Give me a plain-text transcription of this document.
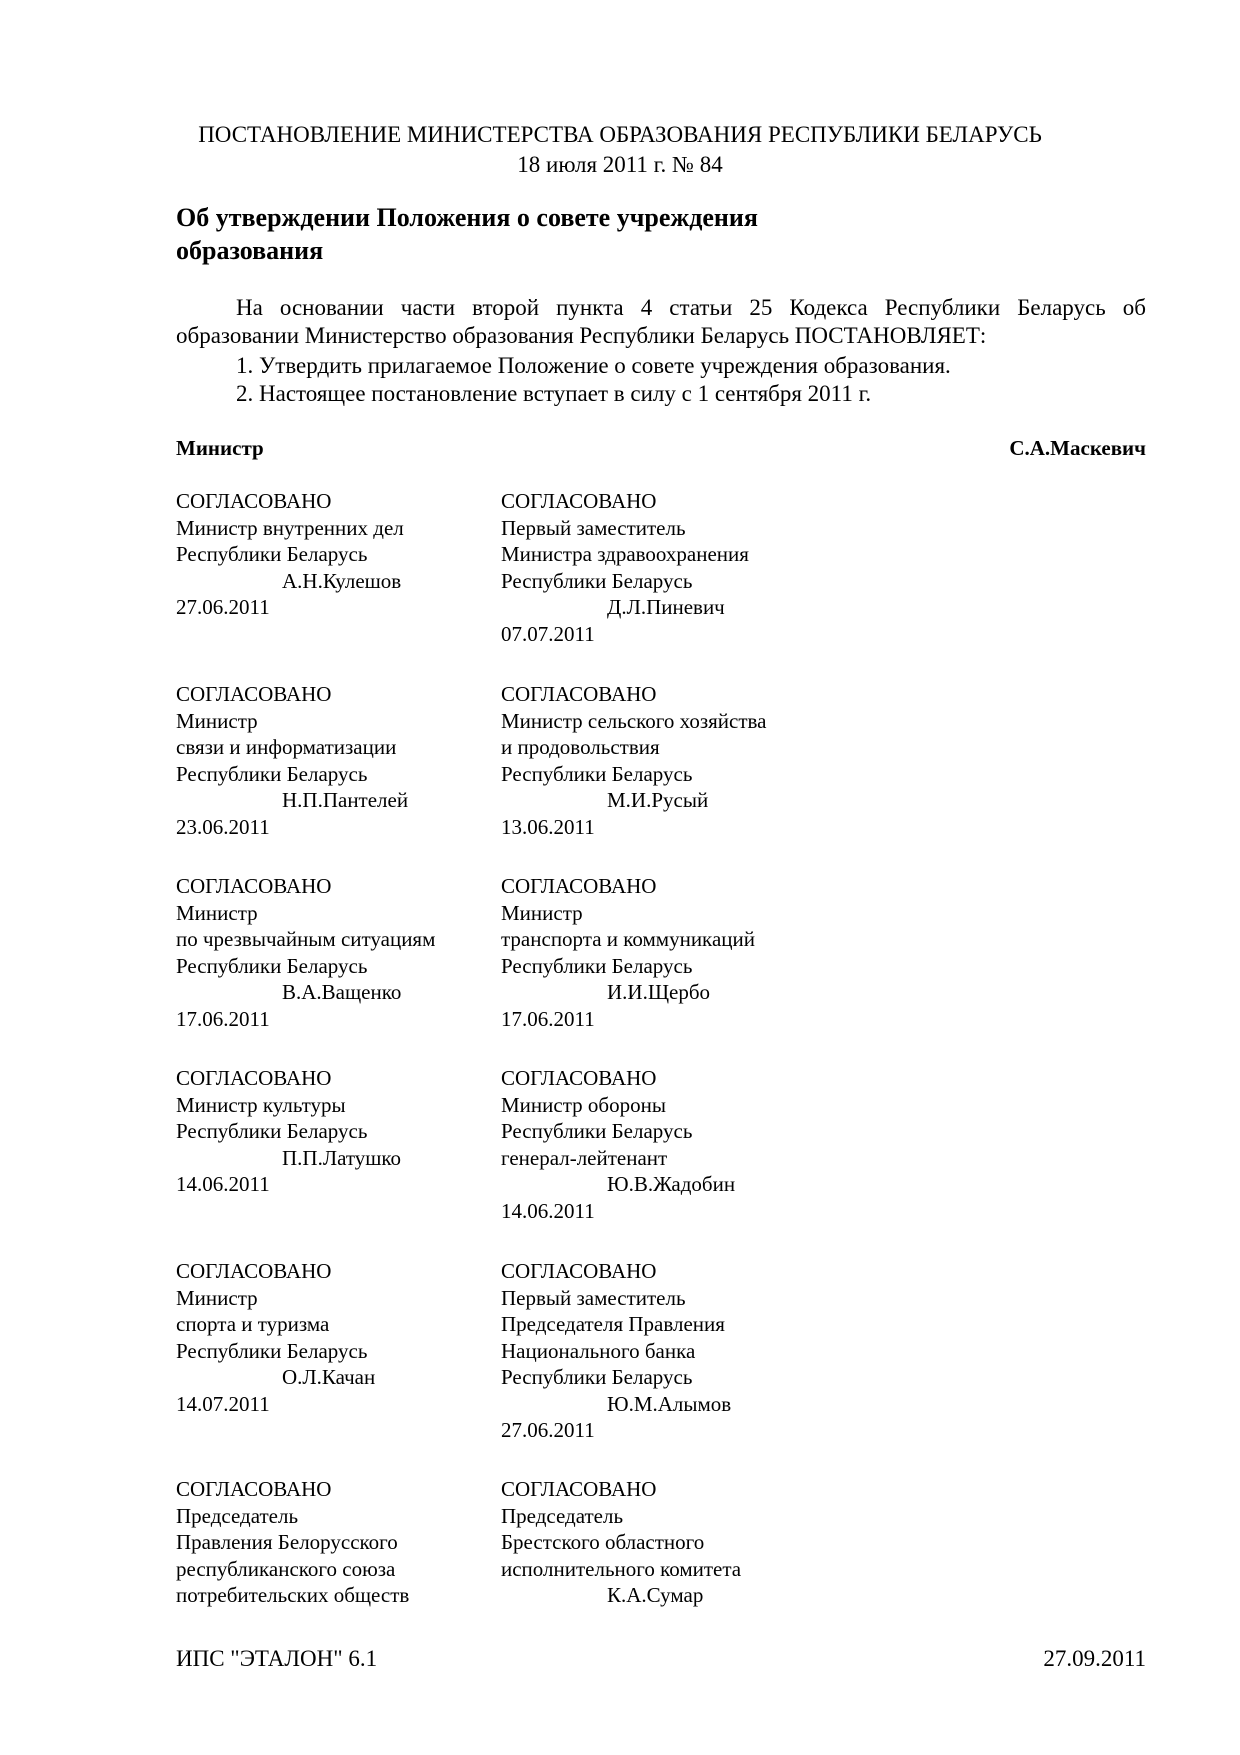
ПОСТАНОВЛЕНИЕ МИНИСТЕРСТВА ОБРАЗОВАНИЯ РЕСПУБЛИКИ БЕЛАРУСЬ
18 июля 2011 г. № 84
Об утверждении Положения о совете учреждения
образования
На основании части второй пункта 4 статьи 25 Кодекса Республики Беларусь об образовании Министерство образования Республики Беларусь ПОСТАНОВЛЯЕТ:
1. Утвердить прилагаемое Положение о совете учреждения образования.
2. Настоящее постановление вступает в силу с 1 сентября 2011 г.
Министр	С.А.Маскевич
СОГЛАСОВАНО
Министр внутренних дел
Республики Беларусь
А.Н.Кулешов
27.06.2011
СОГЛАСОВАНО
Первый заместитель
Министра здравоохранения
Республики Беларусь
Д.Л.Пиневич
07.07.2011
СОГЛАСОВАНО
Министр
связи и информатизации
Республики Беларусь
Н.П.Пантелей
23.06.2011
СОГЛАСОВАНО
Министр сельского хозяйства
и продовольствия
Республики Беларусь
М.И.Русый
13.06.2011
СОГЛАСОВАНО
Министр
по чрезвычайным ситуациям
Республики Беларусь
В.А.Ващенко
17.06.2011
СОГЛАСОВАНО
Министр
транспорта и коммуникаций
Республики Беларусь
И.И.Щербо
17.06.2011
СОГЛАСОВАНО
Министр культуры
Республики Беларусь
П.П.Латушко
14.06.2011
СОГЛАСОВАНО
Министр обороны
Республики Беларусь
генерал-лейтенант
Ю.В.Жадобин
14.06.2011
СОГЛАСОВАНО
Министр
спорта и туризма
Республики Беларусь
О.Л.Качан
14.07.2011
СОГЛАСОВАНО
Первый заместитель
Председателя Правления
Национального банка
Республики Беларусь
Ю.М.Алымов
27.06.2011
СОГЛАСОВАНО
Председатель
Правления Белорусского
республиканского союза
потребительских обществ
СОГЛАСОВАНО
Председатель
Брестского областного
исполнительного комитета
К.А.Сумар
ИПС "ЭТАЛОН" 6.1	27.09.2011
